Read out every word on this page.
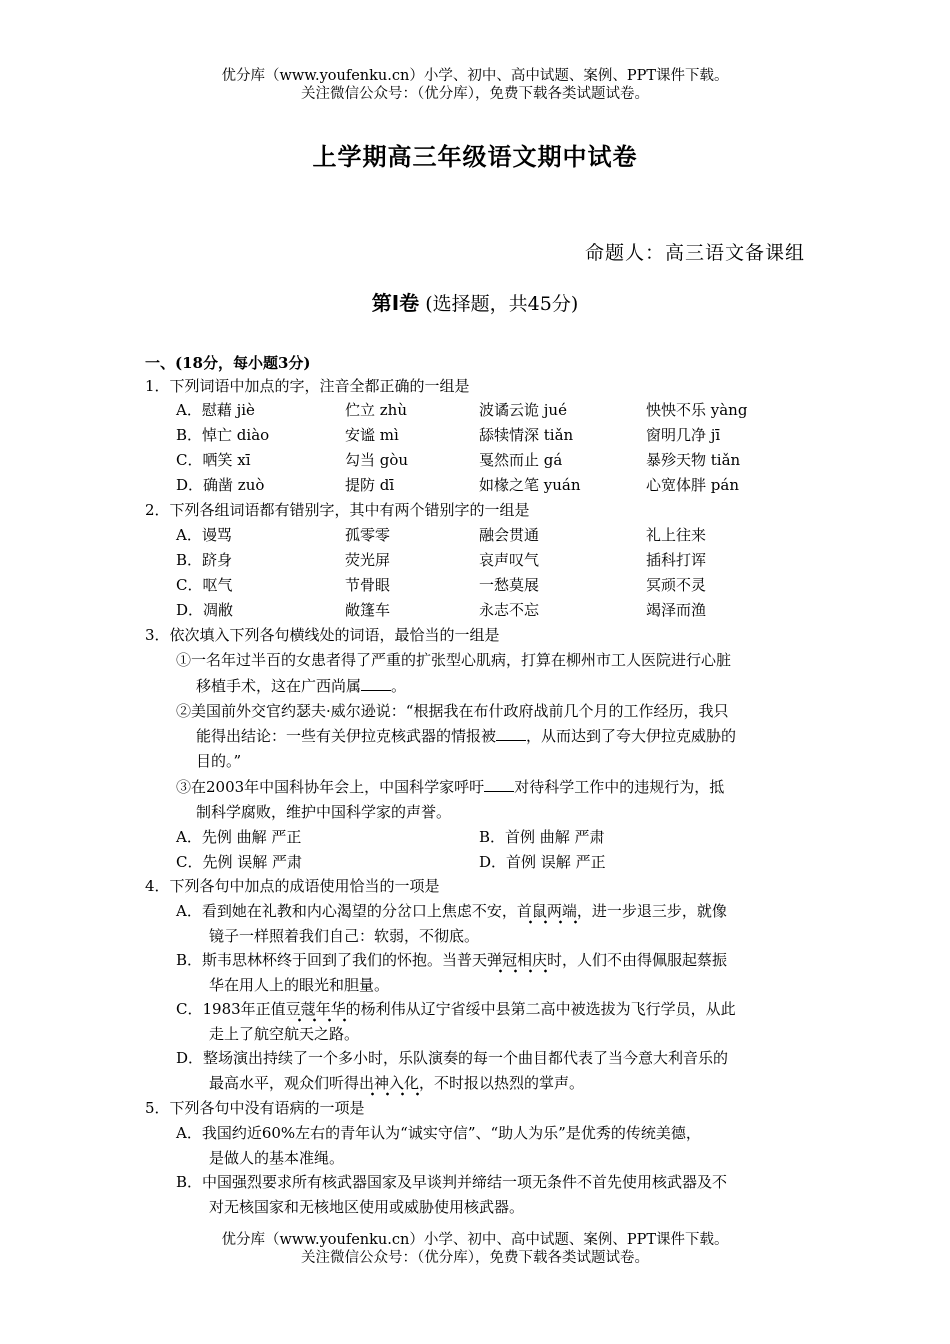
优分库（www.youfenku.cn）小学、初中、高中试题、案例、PPT课件下载。
关注微信公众号：（优分库），免费下载各类试题试卷。
上学期高三年级语文期中试卷
命题人：高三语文备课组
第Ⅰ卷 (选择题，共45分)
一、(18分，每小题3分)
1．下列词语中加点的字，注音全都正确的一组是
A．慰藉 jiè	伫立 zhù	波谲云诡 jué	怏怏不乐 yàng
B．悼亡 diào	安谧 mì	舔犊情深 tiǎn	窗明几净 jī
C．哂笑 xī	勾当 gòu	戛然而止 gá	暴殄天物 tiǎn
D．确凿 zuò	提防 dī	如椽之笔 yuán	心宽体胖 pán
2．下列各组词语都有错别字，其中有两个错别字的一组是
A．谩骂	孤零零	融会贯通	礼上往来
B．跻身	荧光屏	哀声叹气	插科打诨
C．呕气	节骨眼	一愁莫展	冥顽不灵
D．凋敝	敞篷车	永志不忘	竭泽而渔
3．依次填入下列各句横线处的词语，最恰当的一组是
①一名年过半百的女患者得了严重的扩张型心肌病，打算在柳州市工人医院进行心脏
移植手术，这在广西尚属 。
②美国前外交官约瑟夫·威尔逊说：“根据我在布什政府战前几个月的工作经历，我只
能得出结论：一些有关伊拉克核武器的情报被 ，从而达到了夸大伊拉克威胁的
目的。”
③在2003年中国科协年会上，中国科学家呼吁 对待科学工作中的违规行为，抵
制科学腐败，维护中国科学家的声誉。
A．先例 曲解 严正	B．首例 曲解 严肃
C．先例 误解 严肃	D．首例 误解 严正
4．下列各句中加点的成语使用恰当的一项是
A．看到她在礼教和内心渴望的分岔口上焦虑不安，首鼠两端，进一步退三步，就像
镜子一样照着我们自己：软弱，不彻底。
B．斯韦思林杯终于回到了我们的怀抱。当普天弹冠相庆时，人们不由得佩服起蔡振
华在用人上的眼光和胆量。
C．1983年正值豆蔻年华的杨利伟从辽宁省绥中县第二高中被选拔为飞行学员，从此
走上了航空航天之路。
D．整场演出持续了一个多小时，乐队演奏的每一个曲目都代表了当今意大利音乐的
最高水平，观众们听得出神入化，不时报以热烈的掌声。
5．下列各句中没有语病的一项是
A．我国约近60%左右的青年认为“诚实守信”、“助人为乐”是优秀的传统美德，
是做人的基本准绳。
B．中国强烈要求所有核武器国家及早谈判并缔结一项无条件不首先使用核武器及不
对无核国家和无核地区使用或威胁使用核武器。
优分库（www.youfenku.cn）小学、初中、高中试题、案例、PPT课件下载。
关注微信公众号：（优分库），免费下载各类试题试卷。
